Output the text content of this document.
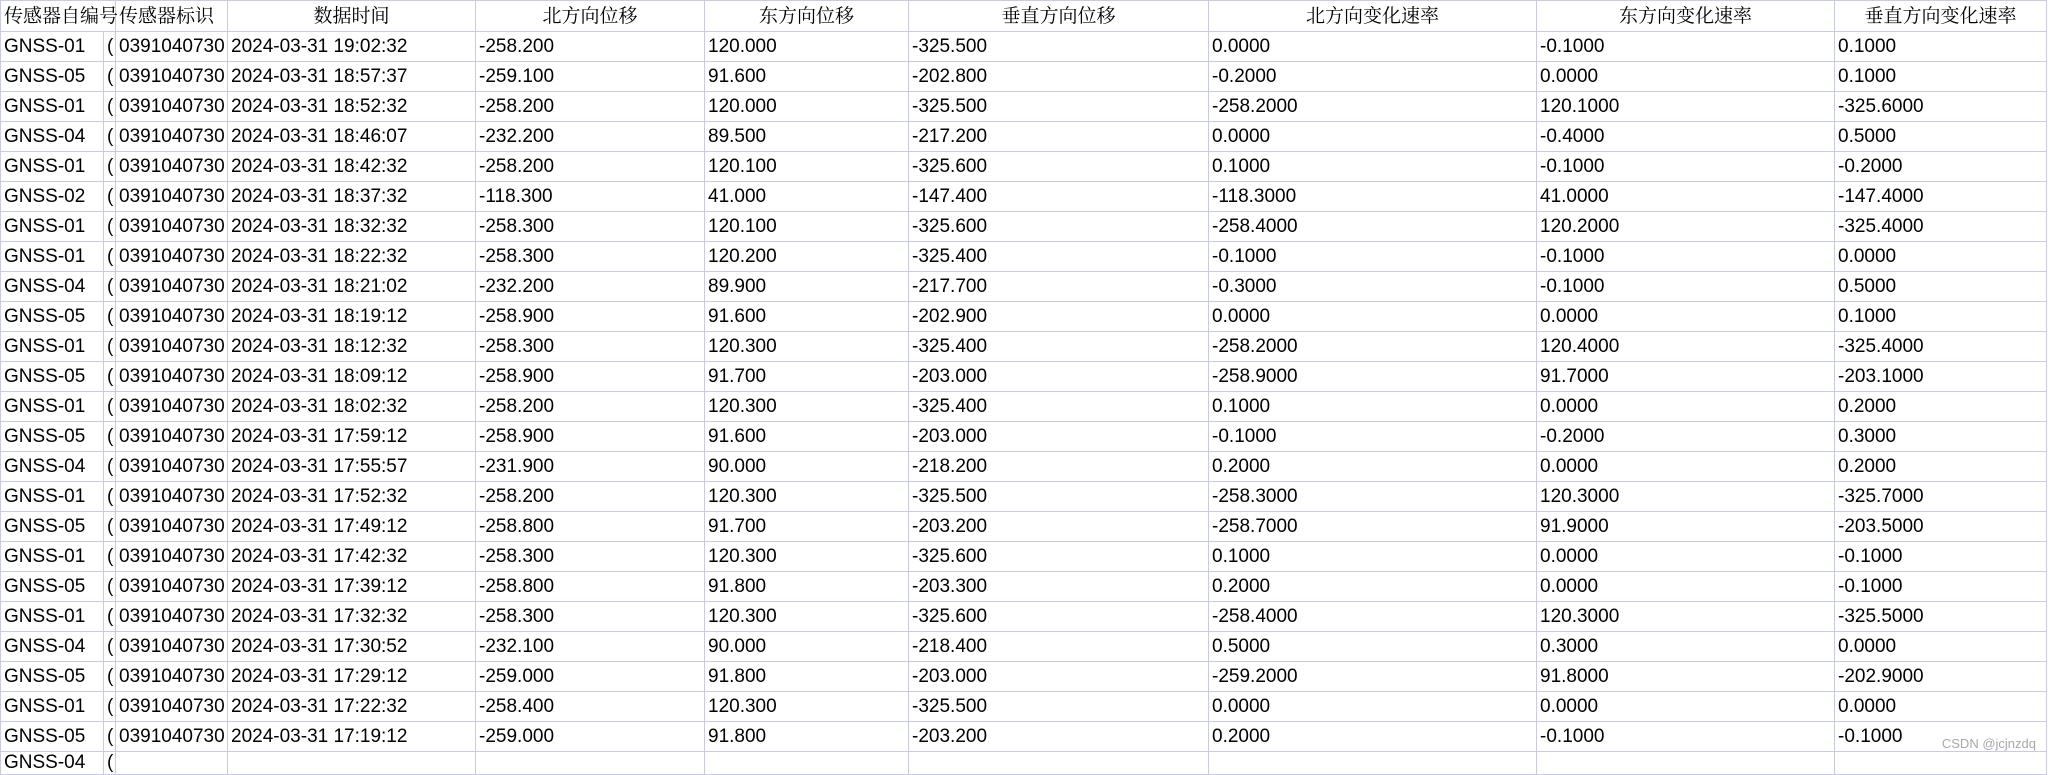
传感器自编号		传感器标识	数据时间	北方向位移	东方向位移	垂直方向位移	北方向变化速率	东方向变化速率	垂直方向变化速率
GNSS-01	(	0391040730	2024-03-31 19:02:32	-258.200	120.000	-325.500	0.0000	-0.1000	0.1000
GNSS-05	(	0391040730	2024-03-31 18:57:37	-259.100	91.600	-202.800	-0.2000	0.0000	0.1000
GNSS-01	(	0391040730	2024-03-31 18:52:32	-258.200	120.000	-325.500	-258.2000	120.1000	-325.6000
GNSS-04	(	0391040730	2024-03-31 18:46:07	-232.200	89.500	-217.200	0.0000	-0.4000	0.5000
GNSS-01	(	0391040730	2024-03-31 18:42:32	-258.200	120.100	-325.600	0.1000	-0.1000	-0.2000
GNSS-02	(	0391040730	2024-03-31 18:37:32	-118.300	41.000	-147.400	-118.3000	41.0000	-147.4000
GNSS-01	(	0391040730	2024-03-31 18:32:32	-258.300	120.100	-325.600	-258.4000	120.2000	-325.4000
GNSS-01	(	0391040730	2024-03-31 18:22:32	-258.300	120.200	-325.400	-0.1000	-0.1000	0.0000
GNSS-04	(	0391040730	2024-03-31 18:21:02	-232.200	89.900	-217.700	-0.3000	-0.1000	0.5000
GNSS-05	(	0391040730	2024-03-31 18:19:12	-258.900	91.600	-202.900	0.0000	0.0000	0.1000
GNSS-01	(	0391040730	2024-03-31 18:12:32	-258.300	120.300	-325.400	-258.2000	120.4000	-325.4000
GNSS-05	(	0391040730	2024-03-31 18:09:12	-258.900	91.700	-203.000	-258.9000	91.7000	-203.1000
GNSS-01	(	0391040730	2024-03-31 18:02:32	-258.200	120.300	-325.400	0.1000	0.0000	0.2000
GNSS-05	(	0391040730	2024-03-31 17:59:12	-258.900	91.600	-203.000	-0.1000	-0.2000	0.3000
GNSS-04	(	0391040730	2024-03-31 17:55:57	-231.900	90.000	-218.200	0.2000	0.0000	0.2000
GNSS-01	(	0391040730	2024-03-31 17:52:32	-258.200	120.300	-325.500	-258.3000	120.3000	-325.7000
GNSS-05	(	0391040730	2024-03-31 17:49:12	-258.800	91.700	-203.200	-258.7000	91.9000	-203.5000
GNSS-01	(	0391040730	2024-03-31 17:42:32	-258.300	120.300	-325.600	0.1000	0.0000	-0.1000
GNSS-05	(	0391040730	2024-03-31 17:39:12	-258.800	91.800	-203.300	0.2000	0.0000	-0.1000
GNSS-01	(	0391040730	2024-03-31 17:32:32	-258.300	120.300	-325.600	-258.4000	120.3000	-325.5000
GNSS-04	(	0391040730	2024-03-31 17:30:52	-232.100	90.000	-218.400	0.5000	0.3000	0.0000
GNSS-05	(	0391040730	2024-03-31 17:29:12	-259.000	91.800	-203.000	-259.2000	91.8000	-202.9000
GNSS-01	(	0391040730	2024-03-31 17:22:32	-258.400	120.300	-325.500	0.0000	0.0000	0.0000
GNSS-05	(	0391040730	2024-03-31 17:19:12	-259.000	91.800	-203.200	0.2000	-0.1000	-0.1000
GNSS-04	(								
CSDN @jcjnzdq
